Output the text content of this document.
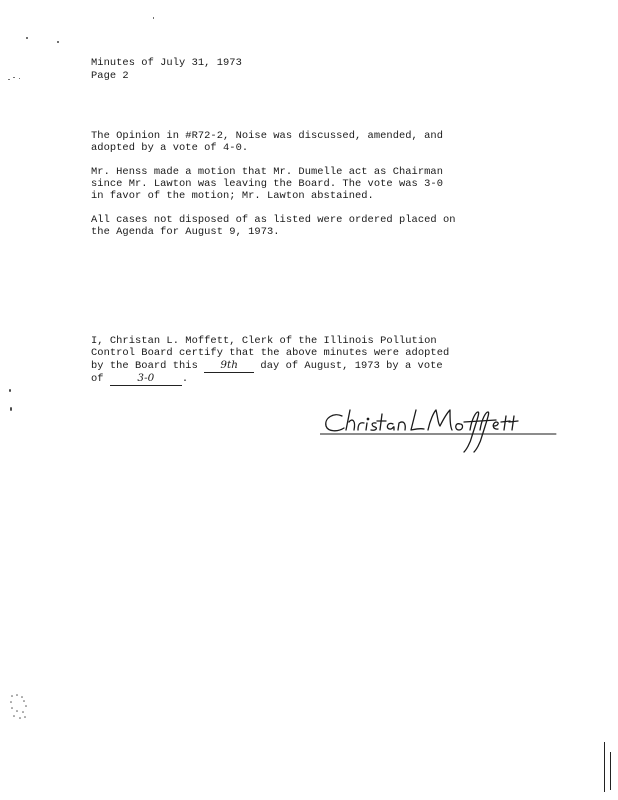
Minutes of July 31, 1973
Page 2
The Opinion in #R72-2, Noise was discussed, amended, and
adopted by a vote of 4-0.
Mr. Henss made a motion that Mr. Dumelle act as Chairman
since Mr. Lawton was leaving the Board. The vote was 3-0
in favor of the motion; Mr. Lawton abstained.
All cases not disposed of as listed were ordered placed on
the Agenda for August 9, 1973.
I, Christan L. Moffett, Clerk of the Illinois Pollution
Control Board certify that the above minutes were adopted
by the Board this 9th day of August, 1973 by a vote
of	3-0	.
